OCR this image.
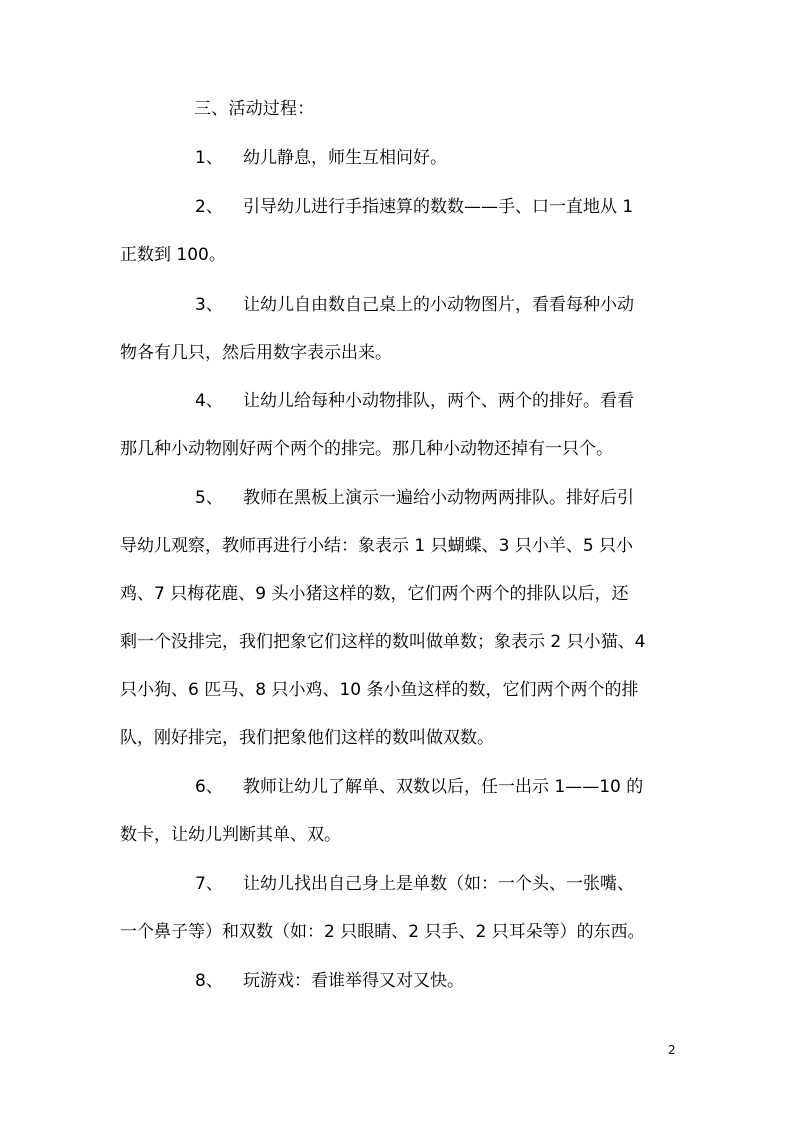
三、活动过程：
1、 幼儿静息，师生互相问好。
2、 引导幼儿进行手指速算的数数——手、口一直地从 1
正数到 100。
3、 让幼儿自由数自己桌上的小动物图片，看看每种小动
物各有几只，然后用数字表示出来。
4、 让幼儿给每种小动物排队，两个、两个的排好。看看
那几种小动物刚好两个两个的排完。那几种小动物还掉有一只个。
5、 教师在黑板上演示一遍给小动物两两排队。排好后引
导幼儿观察，教师再进行小结：象表示 1 只蝴蝶、3 只小羊、5 只小
鸡、7 只梅花鹿、9 头小猪这样的数，它们两个两个的排队以后，还
剩一个没排完，我们把象它们这样的数叫做单数；象表示 2 只小猫、4
只小狗、6 匹马、8 只小鸡、10 条小鱼这样的数，它们两个两个的排
队，刚好排完，我们把象他们这样的数叫做双数。
6、 教师让幼儿了解单、双数以后，任一出示 1——10 的
数卡，让幼儿判断其单、双。
7、 让幼儿找出自己身上是单数（如：一个头、一张嘴、
一个鼻子等）和双数（如：2 只眼睛、2 只手、2 只耳朵等）的东西。
8、 玩游戏：看谁举得又对又快。
2
